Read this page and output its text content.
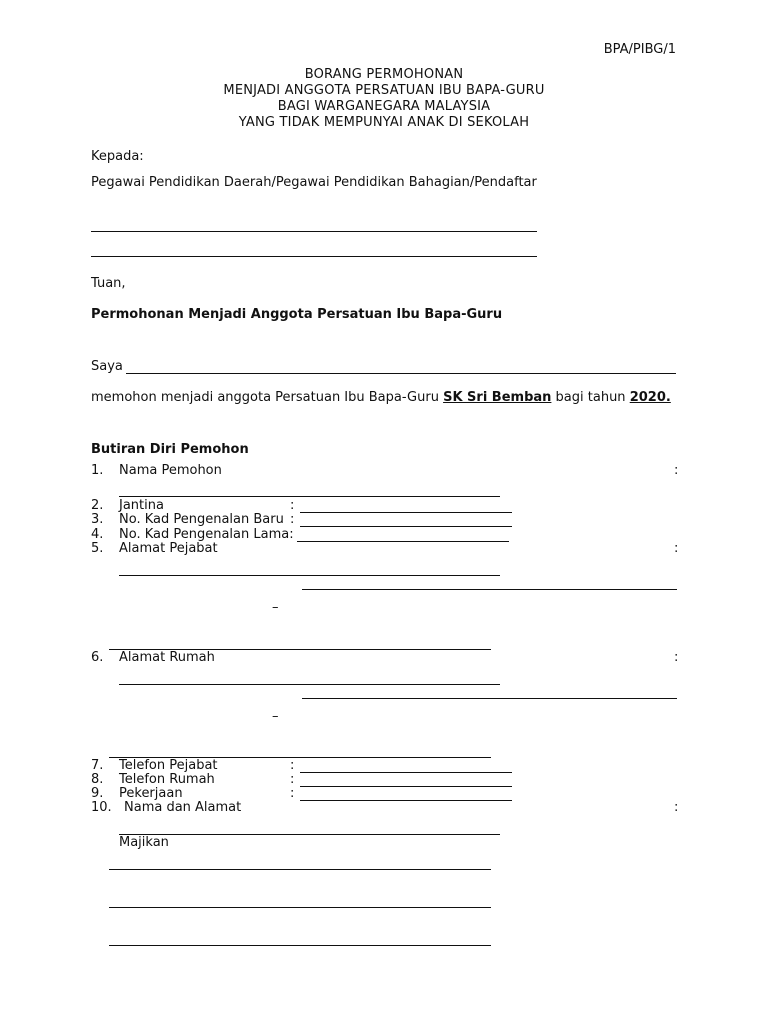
BPA/PIBG/1
BORANG PERMOHONAN
MENJADI ANGGOTA PERSATUAN IBU BAPA-GURU
BAGI WARGANEGARA MALAYSIA
YANG TIDAK MEMPUNYAI ANAK DI SEKOLAH
Kepada:
Pegawai Pendidikan Daerah/Pegawai Pendidikan Bahagian/Pendaftar
Tuan,
Permohonan Menjadi Anggota Persatuan Ibu Bapa-Guru
Saya
memohon menjadi anggota Persatuan Ibu Bapa-Guru SK Sri Bemban bagi tahun 2020.
Butiran Diri Pemohon
1. Nama Pemohon	:
2. Jantina	:
3. No. Kad Pengenalan Baru :
4. No. Kad Pengenalan Lama:
5. Alamat Pejabat	:
–
6. Alamat Rumah	:
–
7. Telefon Pejabat	:
8. Telefon Rumah	:
9. Pekerjaan	:
10. Nama dan Alamat	:
Majikan
